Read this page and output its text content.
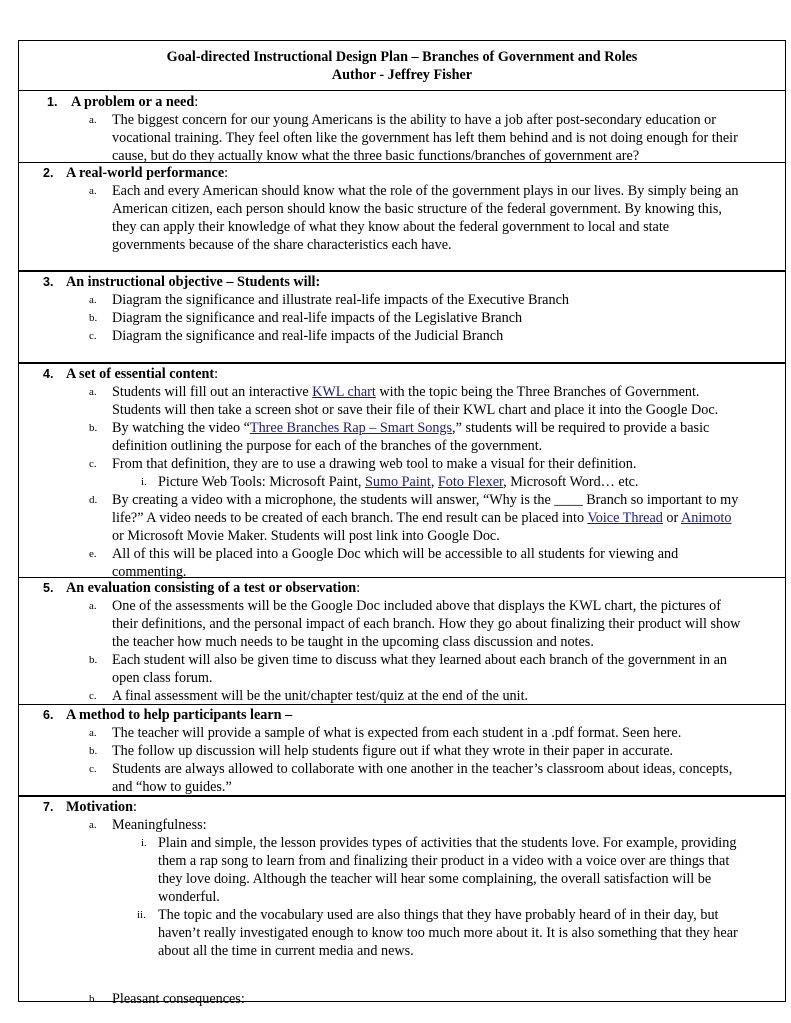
Goal-directed Instructional Design Plan – Branches of Government and Roles
Author - Jeffrey Fisher
1. A problem or a need:
a. The biggest concern for our young Americans is the ability to have a job after post-secondary education or
vocational training. They feel often like the government has left them behind and is not doing enough for their
cause, but do they actually know what the three basic functions/branches of government are?
2. A real-world performance:
a. Each and every American should know what the role of the government plays in our lives. By simply being an
American citizen, each person should know the basic structure of the federal government. By knowing this,
they can apply their knowledge of what they know about the federal government to local and state
governments because of the share characteristics each have.
3. An instructional objective – Students will:
a. Diagram the significance and illustrate real-life impacts of the Executive Branch
b. Diagram the significance and real-life impacts of the Legislative Branch
c. Diagram the significance and real-life impacts of the Judicial Branch
4. A set of essential content:
a. Students will fill out an interactive KWL chart with the topic being the Three Branches of Government.
Students will then take a screen shot or save their file of their KWL chart and place it into the Google Doc.
b. By watching the video “Three Branches Rap – Smart Songs,” students will be required to provide a basic
definition outlining the purpose for each of the branches of the government.
c. From that definition, they are to use a drawing web tool to make a visual for their definition.
i. Picture Web Tools: Microsoft Paint, Sumo Paint, Foto Flexer, Microsoft Word… etc.
d. By creating a video with a microphone, the students will answer, “Why is the ____ Branch so important to my
life?” A video needs to be created of each branch. The end result can be placed into Voice Thread or Animoto
or Microsoft Movie Maker. Students will post link into Google Doc.
e. All of this will be placed into a Google Doc which will be accessible to all students for viewing and
commenting.
5. An evaluation consisting of a test or observation:
a. One of the assessments will be the Google Doc included above that displays the KWL chart, the pictures of
their definitions, and the personal impact of each branch. How they go about finalizing their product will show
the teacher how much needs to be taught in the upcoming class discussion and notes.
b. Each student will also be given time to discuss what they learned about each branch of the government in an
open class forum.
c. A final assessment will be the unit/chapter test/quiz at the end of the unit.
6. A method to help participants learn –
a. The teacher will provide a sample of what is expected from each student in a .pdf format. Seen here.
b. The follow up discussion will help students figure out if what they wrote in their paper in accurate.
c. Students are always allowed to collaborate with one another in the teacher’s classroom about ideas, concepts,
and “how to guides.”
7. Motivation:
a. Meaningfulness:
i. Plain and simple, the lesson provides types of activities that the students love. For example, providing
them a rap song to learn from and finalizing their product in a video with a voice over are things that
they love doing. Although the teacher will hear some complaining, the overall satisfaction will be
wonderful.
ii. The topic and the vocabulary used are also things that they have probably heard of in their day, but
haven’t really investigated enough to know too much more about it. It is also something that they hear
about all the time in current media and news.
b. Pleasant consequences:
